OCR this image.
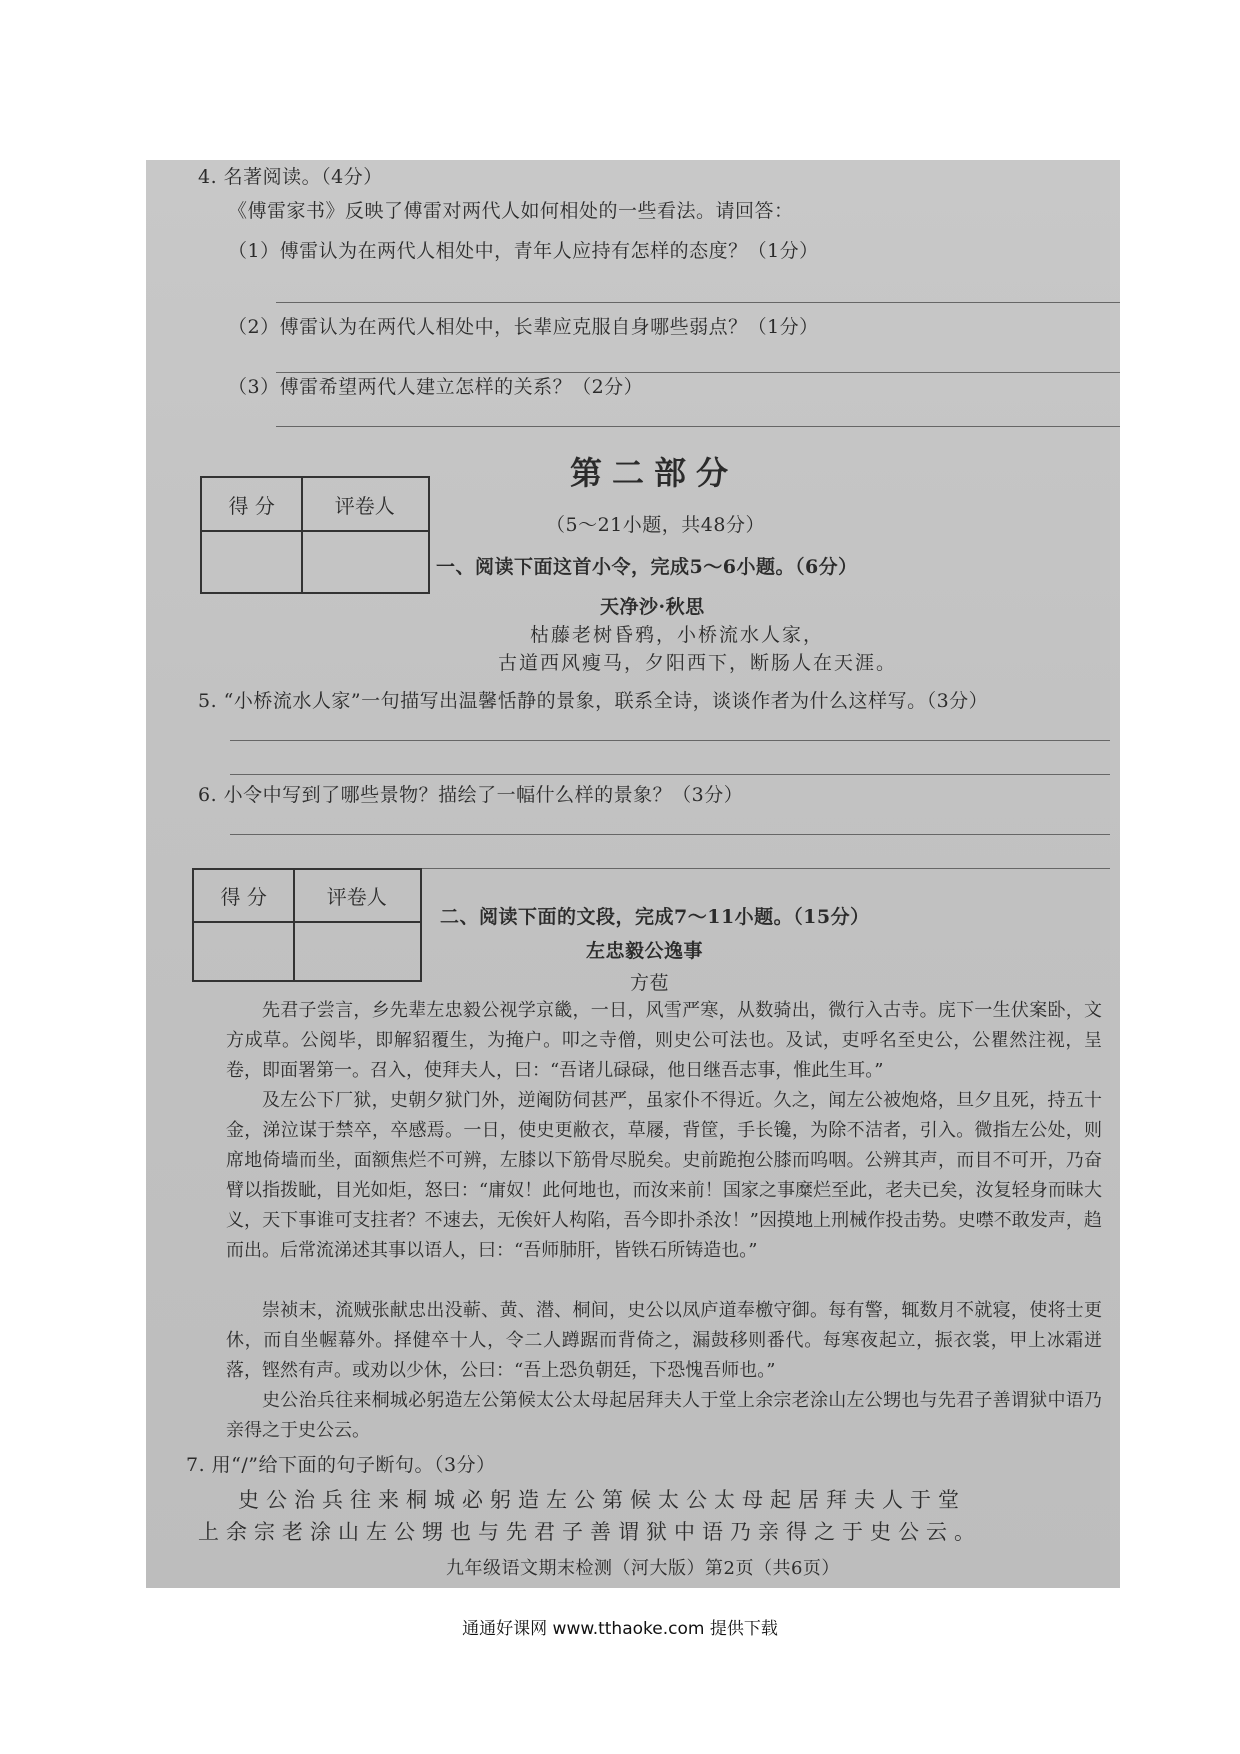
4. 名著阅读。（4分）
《傅雷家书》反映了傅雷对两代人如何相处的一些看法。请回答：
（1）傅雷认为在两代人相处中，青年人应持有怎样的态度？（1分）
（2）傅雷认为在两代人相处中，长辈应克服自身哪些弱点？（1分）
（3）傅雷希望两代人建立怎样的关系？（2分）
第二部分
（5～21小题，共48分）
得 分	评卷人
一、阅读下面这首小令，完成5～6小题。（6分）
天净沙·秋思
枯藤老树昏鸦，小桥流水人家，
古道西风瘦马，夕阳西下，断肠人在天涯。
5. “小桥流水人家”一句描写出温馨恬静的景象，联系全诗，谈谈作者为什么这样写。（3分）
6. 小令中写到了哪些景物？描绘了一幅什么样的景象？（3分）
得 分	评卷人
二、阅读下面的文段，完成7～11小题。（15分）
左忠毅公逸事
方苞
先君子尝言，乡先辈左忠毅公视学京畿，一日，风雪严寒，从数骑出，微行入古寺。庑下一生伏案卧，文方成草。公阅毕，即解貂覆生，为掩户。叩之寺僧，则史公可法也。及试，吏呼名至史公，公瞿然注视，呈卷，即面署第一。召入，使拜夫人，曰：“吾诸儿碌碌，他日继吾志事，惟此生耳。”
及左公下厂狱，史朝夕狱门外，逆阉防伺甚严，虽家仆不得近。久之，闻左公被炮烙，旦夕且死，持五十金，涕泣谋于禁卒，卒感焉。一日，使史更敝衣，草屦，背筐，手长镵，为除不洁者，引入。微指左公处，则席地倚墙而坐，面额焦烂不可辨，左膝以下筋骨尽脱矣。史前跪抱公膝而呜咽。公辨其声，而目不可开，乃奋臂以指拨眦，目光如炬，怒曰：“庸奴！此何地也，而汝来前！国家之事糜烂至此，老夫已矣，汝复轻身而昧大义，天下事谁可支拄者？不速去，无俟奸人构陷，吾今即扑杀汝！”因摸地上刑械作投击势。史噤不敢发声，趋而出。后常流涕述其事以语人，曰：“吾师肺肝，皆铁石所铸造也。”
崇祯末，流贼张献忠出没蕲、黄、潜、桐间，史公以凤庐道奉檄守御。每有警，辄数月不就寝，使将士更休，而自坐幄幕外。择健卒十人，令二人蹲踞而背倚之，漏鼓移则番代。每寒夜起立，振衣裳，甲上冰霜迸落，铿然有声。或劝以少休，公曰：“吾上恐负朝廷，下恐愧吾师也。”
史公治兵往来桐城必躬造左公第候太公太母起居拜夫人于堂上余宗老涂山左公甥也与先君子善谓狱中语乃亲得之于史公云。
7. 用“/”给下面的句子断句。（3分）
史公治兵往来桐城必躬造左公第候太公太母起居拜夫人于堂
上余宗老涂山左公甥也与先君子善谓狱中语乃亲得之于史公云。
九年级语文期末检测（河大版）第2页（共6页）
通通好课网 www.tthaoke.com 提供下载
